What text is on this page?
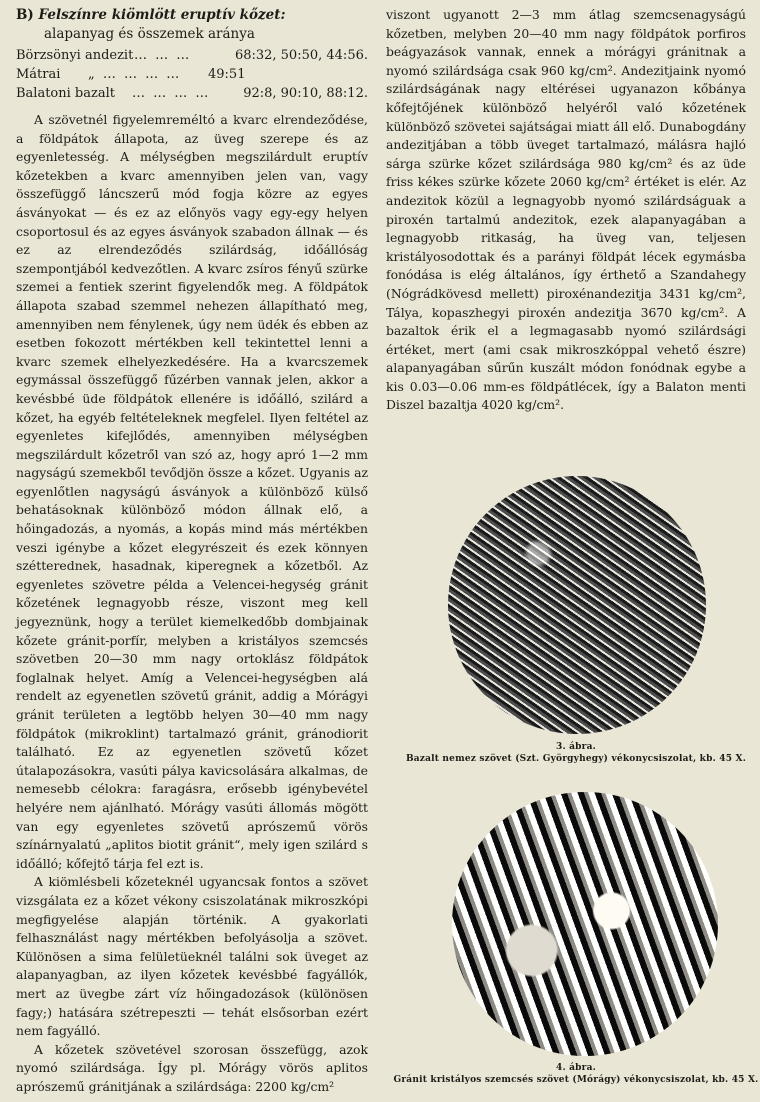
B) Felszínre kiömlött eruptív kőzet:
alapanyag és összemek aránya
Börzsönyi andezit … … …	68:32, 50:50, 44:56.
Mátrai	„ … … … …	49:51
Balatoni bazalt	… … … …	92:8, 90:10, 88:12.

A szövetnél figyelemreméltó a kvarc elrendeződése, a földpátok állapota, az üveg szerepe és az egyenletesség. A mélységben megszilárdult eruptív kőzetekben a kvarc amennyiben jelen van, vagy összefüggő láncszerű mód fogja közre az egyes ásványokat — és ez az előnyös vagy egy-egy helyen csoportosul és az egyes ásványok szabadon állnak — és ez az elrendeződés szilárdság, időállóság szempontjából kedvezőtlen. A kvarc zsíros fényű szürke szemei a fentiek szerint figyelendők meg. A földpátok állapota szabad szemmel nehezen állapítható meg, amennyiben nem fénylenek, úgy nem üdék és ebben az esetben fokozott mértékben kell tekintettel lenni a kvarc szemek elhelyezkedésére. Ha a kvarcszemek egymással összefüggő fűzérben vannak jelen, akkor a kevésbbé üde földpátok ellenére is időálló, szilárd a kőzet, ha egyéb feltételeknek megfelel. Ilyen feltétel az egyenletes kifejlődés, amennyiben mélységben megszilárdult kőzetről van szó az, hogy apró 1—2 mm nagyságú szemekből tevődjön össze a kőzet. Ugyanis az egyenlőtlen nagyságú ásványok a különböző külső behatásoknak különböző módon állnak elő, a hőingadozás, a nyomás, a kopás mind más mértékben veszi igénybe a kőzet elegyrészeit és ezek könnyen szétterednek, hasadnak, kiperegnek a kőzetből. Az egyenletes szövetre példa a Velencei-hegység gránit kőzetének legnagyobb része, viszont meg kell jegyeznünk, hogy a terület kiemelkedőbb dombjainak kőzete gránit-porfír, melyben a kristályos szemcsés szövetben 20—30 mm nagy ortoklász földpátok foglalnak helyet. Amíg a Velencei-hegységben alá rendelt az egyenetlen szövetű gránit, addig a Mórágyi gránit területen a legtöbb helyen 30—40 mm nagy földpátok (mikroklint) tartalmazó gránit, gránodiorit található. Ez az egyenetlen szövetű kőzet útalapozásokra, vasúti pálya kavicsolására alkalmas, de nemesebb célokra: faragásra, erősebb igénybevétel helyére nem ajánlható. Mórágy vasúti állomás mögött van egy egyenletes szövetű aprószemű vörös színárnyalatú „aplitos biotit gránit“, mely igen szilárd s időálló; kőfejtő tárja fel ezt is.

A kiömlésbeli kőzeteknél ugyancsak fontos a szövet vizsgálata ez a kőzet vékony csiszolatának mikroszkópi megfigyelése alapján történik. A gyakorlati felhasználást nagy mértékben befolyásolja a szövet. Különösen a sima felületüeknél találni sok üveget az alapanyagban, az ilyen kőzetek kevésbbé fagyállók, mert az üvegbe zárt víz hőingadozások (különösen fagy;) hatására szétrepeszti — tehát elsősorban ezért nem fagyálló.

A kőzetek szövetével szorosan összefügg, azok nyomó szilárdsága. Így pl. Mórágy vörös aplitos aprószemű gránitjának a szilárdsága: 2200 kg/cm²

viszont ugyanott 2—3 mm átlag szemcsenagyságú kőzetben, melyben 20—40 mm nagy földpátok porfiros beágyazások vannak, ennek a mórágyi gránitnak a nyomó szilárdsága csak 960 kg/cm². Andezitjaink nyomó szilárdságának nagy eltérései ugyanazon kőbánya kőfejtőjének különböző helyéről való kőzetének különböző szövetei sajátságai miatt áll elő. Dunabogdány andezitjában a több üveget tartalmazó, málásra hajló sárga szürke kőzet szilárdsága 980 kg/cm² és az üde friss kékes szürke kőzete 2060 kg/cm² értéket is elér. Az andezitok közül a legnagyobb nyomó szilárdságuak a piroxén tartalmú andezitok, ezek alapanyagában a legnagyobb ritkaság, ha üveg van, teljesen kristályosodottak és a parányi földpát lécek egymásba fonódása is elég általános, így érthető a Szandahegy (Nógrádkövesd mellett) piroxénandezitja 3431 kg/cm², Tálya, kopaszhegyi piroxén andezitja 3670 kg/cm². A bazaltok érik el a legmagasabb nyomó szilárdsági értéket, mert (ami csak mikroszkóppal vehető észre) alapanyagában sűrűn kuszált módon fonódnak egybe a kis 0.03—0.06 mm-es földpátlécek, így a Balaton menti Diszel bazaltja 4020 kg/cm².

3. ábra.
Bazalt nemez szövet (Szt. Györgyhegy) vékonycsiszolat, kb. 45 X.
4. ábra.
Gránit kristályos szemcsés szövet (Mórágy) vékonycsiszolat, kb. 45 X.
